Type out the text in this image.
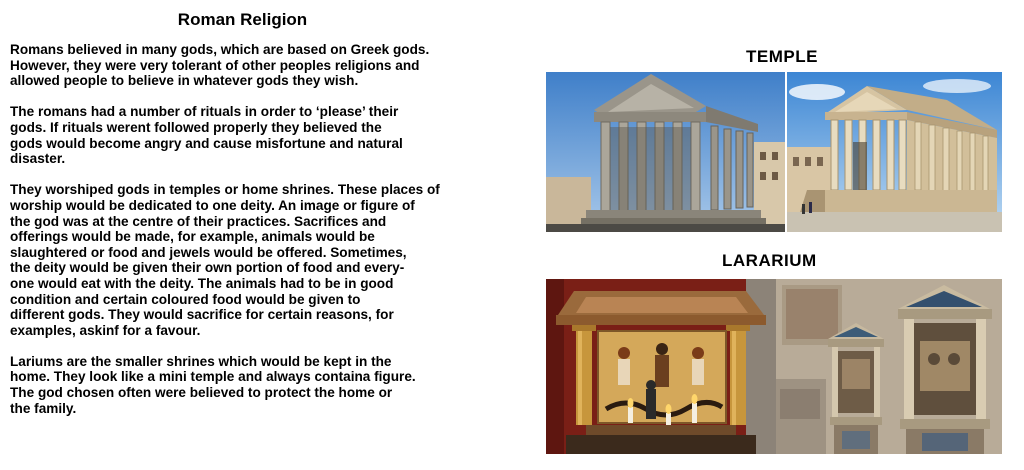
Roman Religion

Romans believed in many gods, which are based on Greek gods.
However, they were very tolerant of other peoples religions and
allowed people to believe in whatever gods they wish.

The romans had a number of rituals in order to ‘please’ their
gods. If rituals werent followed properly they believed the
gods would become angry and cause misfortune and natural
disaster.

They worshiped gods in temples or home shrines. These places of
worship would be dedicated to one deity. An image or figure of
the god was at the centre of their practices. Sacrifices and
offerings would be made, for example, animals would be
slaughtered or food and jewels would be offered. Sometimes,
the deity would be given their own portion of food and every-
one would eat with the deity. The animals had to be in good
condition and certain coloured food would be given to
different gods. They would sacrifice for certain reasons, for
examples, askinf for a favour.

Lariums are the smaller shrines which would be kept in the
home. They look like a mini temple and always containa figure.
The god chosen often were believed to protect the home or
the family.

TEMPLE
LARARIUM
